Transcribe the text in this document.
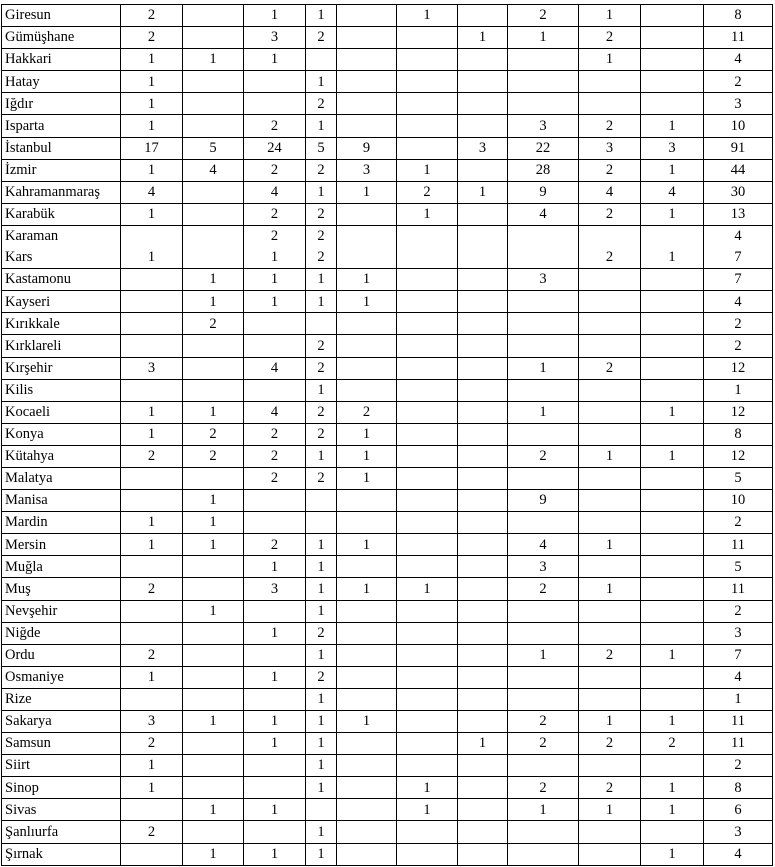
Giresun	2		1	1		1		2	1		8
Gümüşhane	2		3	2			1	1	2		11
Hakkari	1	1	1						1		4
Hatay	1			1							2
Iğdır	1			2							3
Isparta	1		2	1				3	2	1	10
İstanbul	17	5	24	5	9		3	22	3	3	91
İzmir	1	4	2	2	3	1		28	2	1	44
Kahramanmaraş	4		4	1	1	2	1	9	4	4	30
Karabük	1		2	2		1		4	2	1	13
Karaman			2	2							4
Kars	1		1	2					2	1	7
Kastamonu		1	1	1	1			3			7
Kayseri		1	1	1	1						4
Kırıkkale		2									2
Kırklareli				2							2
Kırşehir	3		4	2				1	2		12
Kilis				1							1
Kocaeli	1	1	4	2	2			1		1	12
Konya	1	2	2	2	1						8
Kütahya	2	2	2	1	1			2	1	1	12
Malatya			2	2	1						5
Manisa		1						9			10
Mardin	1	1									2
Mersin	1	1	2	1	1			4	1		11
Muğla			1	1				3			5
Muş	2		3	1	1	1		2	1		11
Nevşehir		1		1							2
Niğde			1	2							3
Ordu	2			1				1	2	1	7
Osmaniye	1		1	2							4
Rize				1							1
Sakarya	3	1	1	1	1			2	1	1	11
Samsun	2		1	1			1	2	2	2	11
Siirt	1			1							2
Sinop	1			1		1		2	2	1	8
Sivas		1	1			1		1	1	1	6
Şanlıurfa	2			1							3
Şırnak		1	1	1						1	4
